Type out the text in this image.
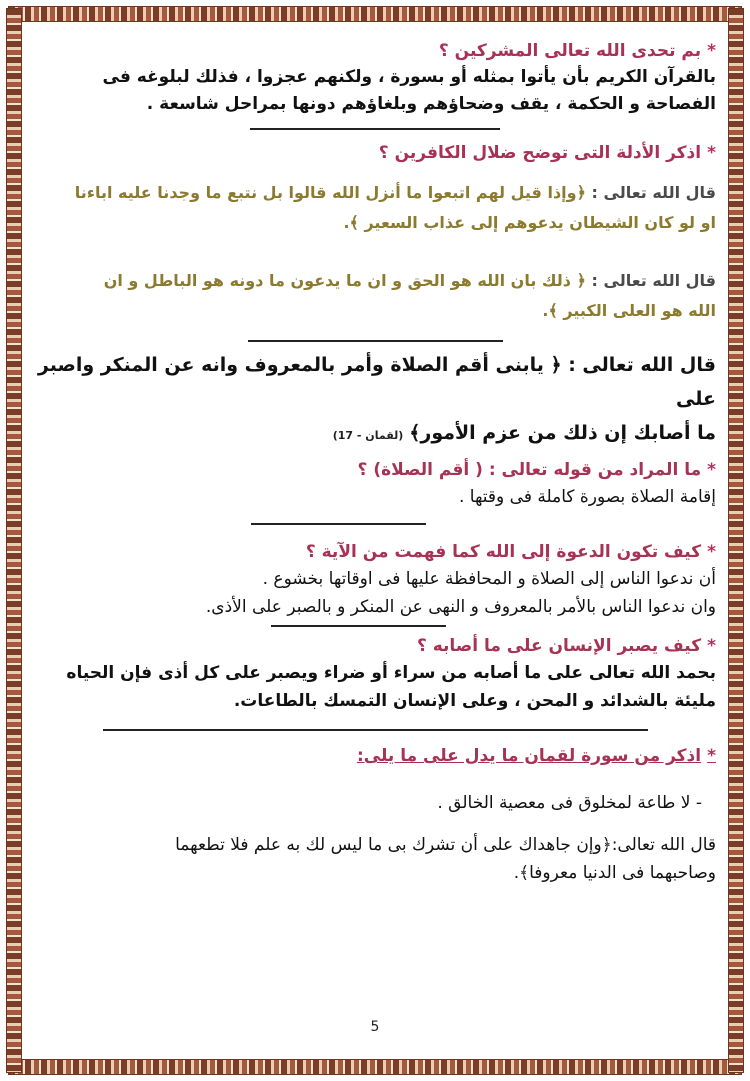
*بم تحدى الله تعالى المشركين ؟

بالقرآن الكريم بأن يأتوا بمثله أو بسورة ، ولكنهم عجزوا ، فذلك لبلوغه فى

الفصاحة و الحكمة ، يقف وضحاؤهم وبلغاؤهم دونها بمراحل شاسعة .

*اذكر الأدلة التى توضح ضلال الكافرين ؟

قال الله تعالى : ﴿وإذا قيل لهم اتبعوا ما أنزل الله قالوا بل نتبع ما وجدنا عليه اباءنا

او لو كان الشيطان يدعوهم إلى عذاب السعير ﴾.

قال الله تعالى : ﴿ ذلك بان الله هو الحق و ان ما يدعون ما دونه هو الباطل و ان

الله هو العلى الكبير ﴾.

قال الله تعالى : ﴿ يابنى أقم الصلاة وأمر بالمعروف وانه عن المنكر واصبر على

ما أصابك إن ذلك من عزم الأمور﴾(لقمان - 17)

*ما المراد من قوله تعالى : ( أقم الصلاة) ؟

إقامة الصلاة بصورة كاملة فى وقتها .

*كيف تكون الدعوة إلى الله كما فهمت من الآية ؟

أن ندعوا الناس إلى الصلاة و المحافظة عليها فى اوقاتها بخشوع .

وان ندعوا الناس بالأمر بالمعروف و النهى عن المنكر و بالصبر على الأذى.

*كيف يصبر الإنسان على ما أصابه ؟

بحمد الله تعالى على ما أصابه من سراء أو ضراء ويصبر على كل أذى فإن الحياه

مليئة بالشدائد و المحن ، وعلى الإنسان التمسك بالطاعات.

*اذكر من سورة لقمان ما يدل على ما يلى:

- لا طاعة لمخلوق فى معصية الخالق .

قال الله تعالى:﴿وإن جاهداك على أن تشرك بى ما ليس لك به علم فلا تطعهما

وصاحبهما فى الدنيا معروفا﴾.

5
